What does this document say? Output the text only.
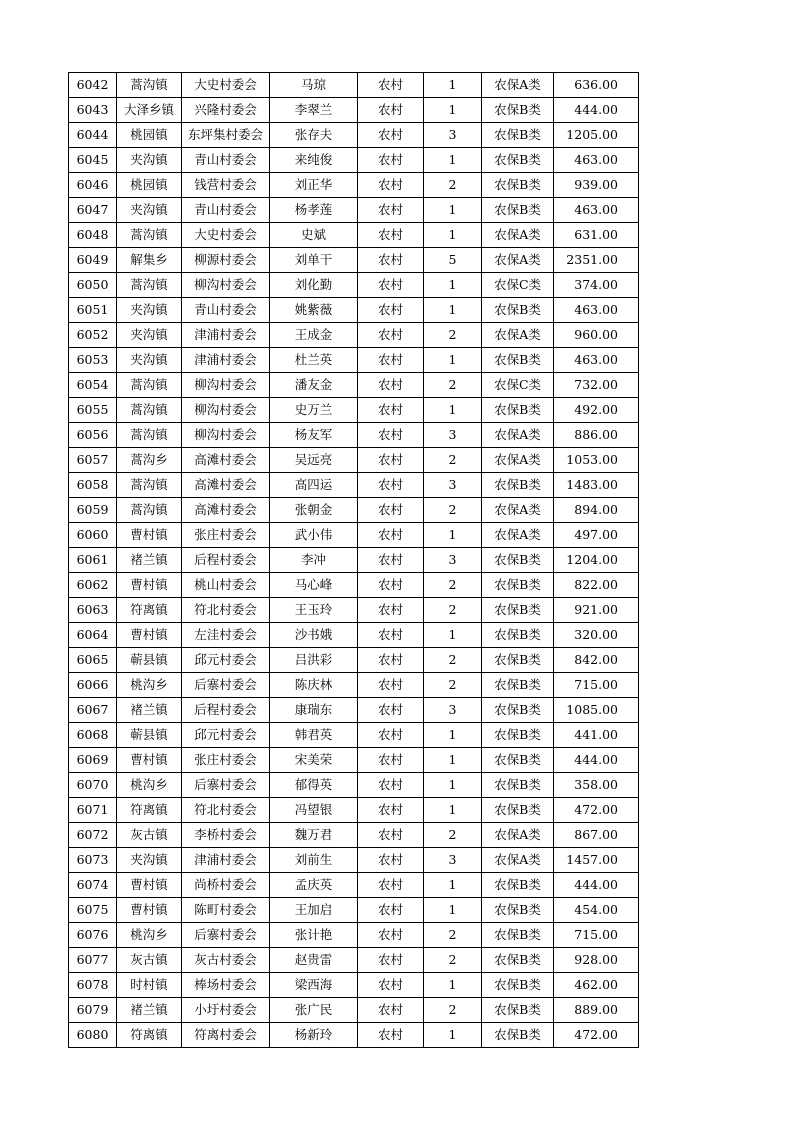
6042	蒿沟镇	大史村委会	马琼	农村	1	农保A类	636.00
6043	大泽乡镇	兴隆村委会	李翠兰	农村	1	农保B类	444.00
6044	桃园镇	东坪集村委会	张存夫	农村	3	农保B类	1205.00
6045	夹沟镇	青山村委会	来纯俊	农村	1	农保B类	463.00
6046	桃园镇	钱营村委会	刘正华	农村	2	农保B类	939.00
6047	夹沟镇	青山村委会	杨孝莲	农村	1	农保B类	463.00
6048	蒿沟镇	大史村委会	史斌	农村	1	农保A类	631.00
6049	解集乡	柳源村委会	刘单干	农村	5	农保A类	2351.00
6050	蒿沟镇	柳沟村委会	刘化勤	农村	1	农保C类	374.00
6051	夹沟镇	青山村委会	姚紫薇	农村	1	农保B类	463.00
6052	夹沟镇	津浦村委会	王成金	农村	2	农保A类	960.00
6053	夹沟镇	津浦村委会	杜兰英	农村	1	农保B类	463.00
6054	蒿沟镇	柳沟村委会	潘友金	农村	2	农保C类	732.00
6055	蒿沟镇	柳沟村委会	史万兰	农村	1	农保B类	492.00
6056	蒿沟镇	柳沟村委会	杨友军	农村	3	农保A类	886.00
6057	蒿沟乡	高滩村委会	吴远亮	农村	2	农保A类	1053.00
6058	蒿沟镇	高滩村委会	高四运	农村	3	农保B类	1483.00
6059	蒿沟镇	高滩村委会	张朝金	农村	2	农保A类	894.00
6060	曹村镇	张庄村委会	武小伟	农村	1	农保A类	497.00
6061	褚兰镇	后程村委会	李冲	农村	3	农保B类	1204.00
6062	曹村镇	桃山村委会	马心峰	农村	2	农保B类	822.00
6063	符离镇	符北村委会	王玉玲	农村	2	农保B类	921.00
6064	曹村镇	左洼村委会	沙书娥	农村	1	农保B类	320.00
6065	蕲县镇	邱元村委会	吕洪彩	农村	2	农保B类	842.00
6066	桃沟乡	后寨村委会	陈庆林	农村	2	农保B类	715.00
6067	褚兰镇	后程村委会	康瑞东	农村	3	农保B类	1085.00
6068	蕲县镇	邱元村委会	韩君英	农村	1	农保B类	441.00
6069	曹村镇	张庄村委会	宋美荣	农村	1	农保B类	444.00
6070	桃沟乡	后寨村委会	郁得英	农村	1	农保B类	358.00
6071	符离镇	符北村委会	冯望银	农村	1	农保B类	472.00
6072	灰古镇	李桥村委会	魏万君	农村	2	农保A类	867.00
6073	夹沟镇	津浦村委会	刘前生	农村	3	农保A类	1457.00
6074	曹村镇	尚桥村委会	孟庆英	农村	1	农保B类	444.00
6075	曹村镇	陈町村委会	王加启	农村	1	农保B类	454.00
6076	桃沟乡	后寨村委会	张计艳	农村	2	农保B类	715.00
6077	灰古镇	灰古村委会	赵贵雷	农村	2	农保B类	928.00
6078	时村镇	棒场村委会	梁西海	农村	1	农保B类	462.00
6079	褚兰镇	小圩村委会	张广民	农村	2	农保B类	889.00
6080	符离镇	符离村委会	杨新玲	农村	1	农保B类	472.00
